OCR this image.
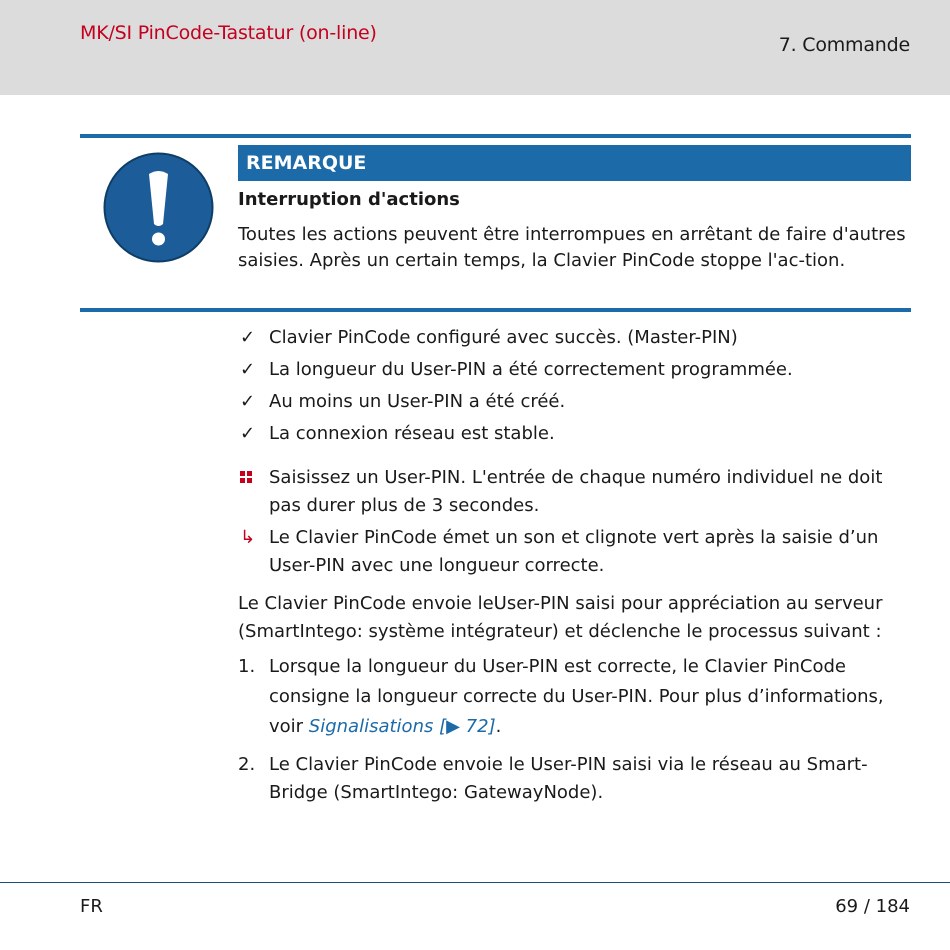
MK/SI PinCode-Tastatur (on-line)
7. Commande
REMARQUE
Interruption d'actions
Toutes les actions peuvent être interrompues en arrêtant de faire d'autres saisies. Après un certain temps, la Clavier PinCode stoppe l'ac-tion.
✓ Clavier PinCode configuré avec succès. (Master-PIN)
✓ La longueur du User-PIN a été correctement programmée.
✓ Au moins un User-PIN a été créé.
✓ La connexion réseau est stable.
Saisissez un User-PIN. L'entrée de chaque numéro individuel ne doit pas durer plus de 3 secondes.
↳ Le Clavier PinCode émet un son et clignote vert après la saisie d’un User-PIN avec une longueur correcte.
Le Clavier PinCode envoie leUser-PIN saisi pour appréciation au serveur (SmartIntego: système intégrateur) et déclenche le processus suivant :
1. Lorsque la longueur du User-PIN est correcte, le Clavier PinCode consigne la longueur correcte du User-PIN. Pour plus d’informations, voir Signalisations [▶ 72].
2. Le Clavier PinCode envoie le User-PIN saisi via le réseau au Smart-Bridge (SmartIntego: GatewayNode).
FR	69 / 184
